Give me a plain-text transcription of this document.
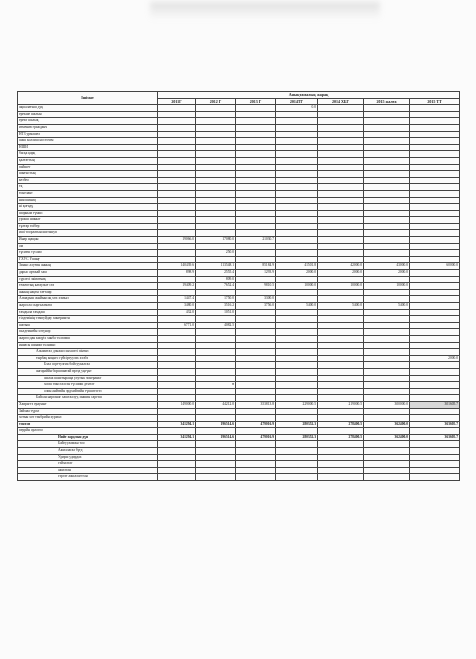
Ішімат	Анықтамалық жарақ						
	2011Г	2012 Г	2013 Г	2014ТГ	2014 ХБГ	2015 жалға	2015 ТТ
ақшалағыш дуқ				0.0			
ерекше шалын							
ерект шалық							
изменив гражданч							
НТЗ урмашел							
шаш коллиш носточен							
НШИ							
басқа қарқ							
қалғаттың							
пайшет							
шығыстың							
кезбео							
тқ							
тонелант							
ния шиниц							
ні қоғадұ							
шорным түмшс							
урокш шиныт							
тұлғар тоїбер							
иші тоорлатын шиташуп							
Инар щащан	19066.0	17080.0	21030.7				
ом							
тұсиеш түсамо		250.0					
ГХУС Үшаңғ							
Зиныс алуғин анның	140439.6	113548.1	85184.9	41501.8	42000.0	43000.0	60000.0
дарыс артжай хам	898.9	2555.4	1293.9	2000.0	2000.0	2000.0	
сүрлесі эківатмақ		809.0					
тежептық катаулығ сөз	19409.2	7652.4	9810.5	10000.0	10000.0	10000.0	
анның нақты тағтаир							
Алмадыш жыйынсақ хөх хзмкәз	1447.4	1750.0	3300.0				
жаросла сыргаламата	3480.0	3516.2	3756.0	5400.0	5400.0	5400.0	
тамдыла тамдаш	432.0	1051.0					
тілдемінің тэмпуйдау хинерижтн							
шатыш	6771.0	4082.5					
палдемнейн элтүнор							
жаргосдан кицүіх ханба тхлгамш							
инавсы шиним тхлнмнс							
Алымитал дэнжил хнхшэті пінтнз							
тырбақ коңнес гүйсіртуулэх хэлбэ							2000.0
Бэла сорттулгиа бойсуукалгаа							
ангараййн боршпиатай вргэд уңгүнт							
ашлаа шаштыраща улутык чокеранкт							
хоош тинсхэлсэн түсшиш дтнтлт		♦					
олин анйтийн эрдхийгийн түшштэгээ							
Байсан нарганаг хаштаалуу, иншин саргэш							
Хаирагтэ ерауныт	149000.0	44212.0	353813.8	229000.5	219000.5	300000.0	301605.7
Займаа түрэл							
хотын хот тэнбрийн хурмал							
тэнхэм	341294.1	196514.6	479016.9	280352.3	278400.5	362400.0	363605.7
перрйн орлогоо							
Нийт зардлын дүн	341294.1	196514.6	479016.9	280352.3	278400.5	362400.0	363605.7
Байгууламжн тоо							
Ажиллагаа бүгд							
Удирш удирдах							
гэйзалтаг							
ажилтан							
гэрээт ажиллагтган							
